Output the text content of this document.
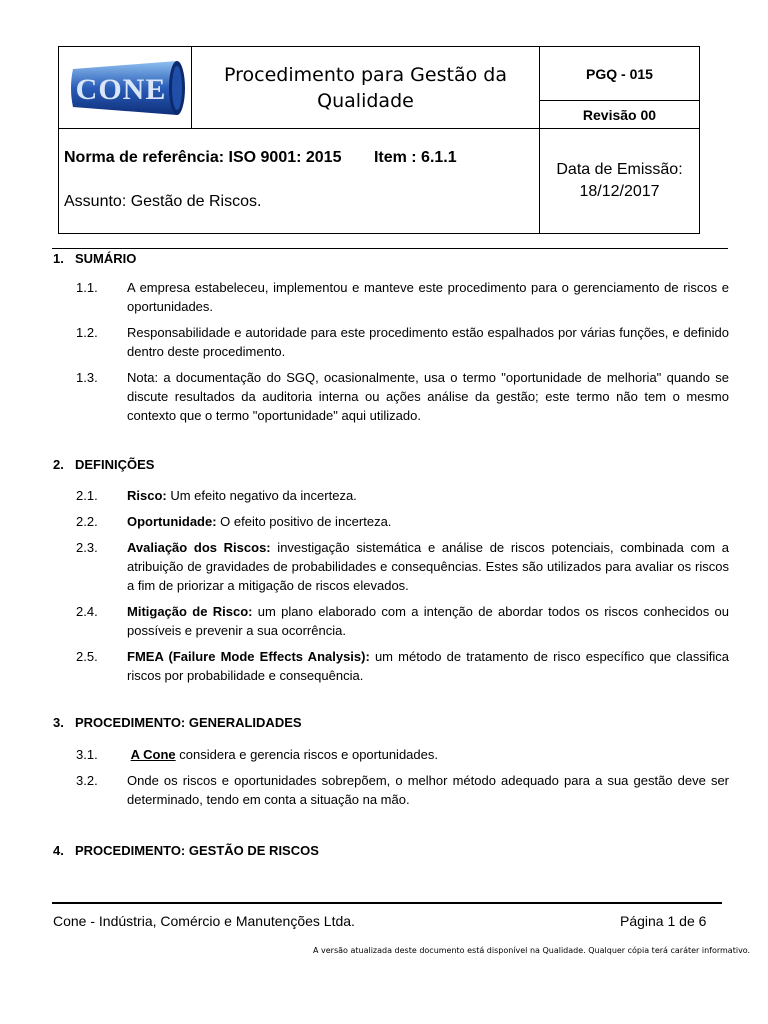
CONE	Procedimento para Gestão da Qualidade
PGQ - 015
Revisão 00
Norma de referência: ISO 9001: 2015 Item : 6.1.1
Assunto: Gestão de Riscos.
Data de Emissão:
18/12/2017
1. SUMÁRIO
1.1.	A empresa estabeleceu, implementou e manteve este procedimento para o gerenciamento de riscos e oportunidades.
1.2.	Responsabilidade e autoridade para este procedimento estão espalhados por várias funções, e definido dentro deste procedimento.
1.3.	Nota: a documentação do SGQ, ocasionalmente, usa o termo "oportunidade de melhoria" quando se discute resultados da auditoria interna ou ações análise da gestão; este termo não tem o mesmo contexto que o termo "oportunidade" aqui utilizado.
2. DEFINIÇÕES
2.1.	Risco: Um efeito negativo da incerteza.
2.2.	Oportunidade: O efeito positivo de incerteza.
2.3.	Avaliação dos Riscos: investigação sistemática e análise de riscos potenciais, combinada com a atribuição de gravidades de probabilidades e consequências. Estes são utilizados para avaliar os riscos a fim de priorizar a mitigação de riscos elevados.
2.4.	Mitigação de Risco: um plano elaborado com a intenção de abordar todos os riscos conhecidos ou possíveis e prevenir a sua ocorrência.
2.5.	FMEA (Failure Mode Effects Analysis): um método de tratamento de risco específico que classifica riscos por probabilidade e consequência.
3. PROCEDIMENTO: GENERALIDADES
3.1.	A Cone considera e gerencia riscos e oportunidades.
3.2.	Onde os riscos e oportunidades sobrepõem, o melhor método adequado para a sua gestão deve ser determinado, tendo em conta a situação na mão.
4. PROCEDIMENTO: GESTÃO DE RISCOS
Cone - Indústria, Comércio e Manutenções Ltda.	Página 1 de 6
A versão atualizada deste documento está disponível na Qualidade. Qualquer cópia terá caráter informativo.
